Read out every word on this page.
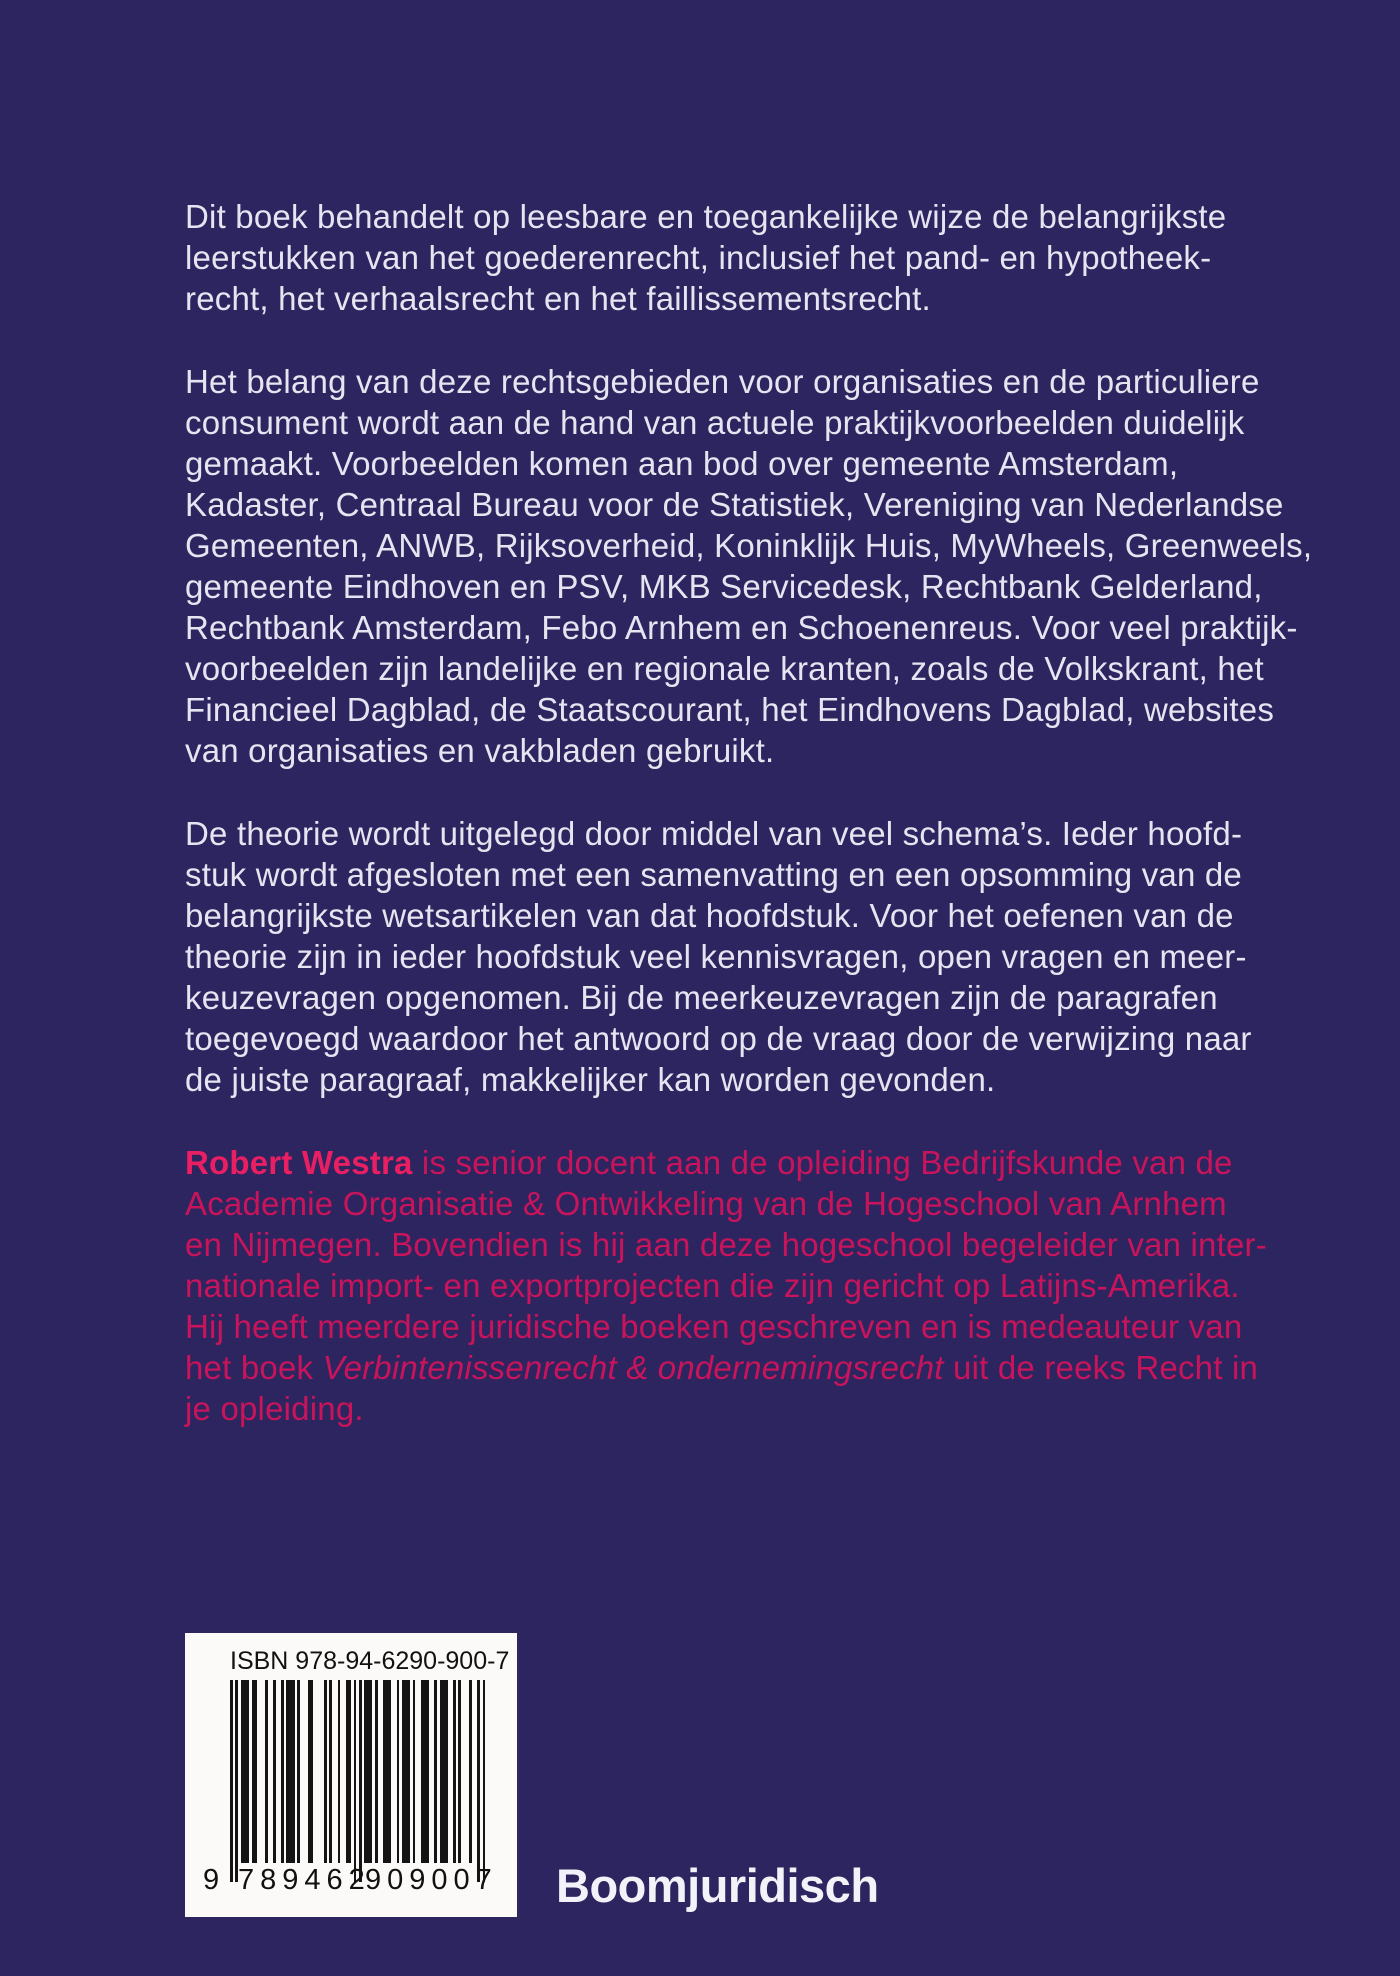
Dit boek behandelt op leesbare en toegankelijke wijze de belangrijkste
leerstukken van het goederenrecht, inclusief het pand- en hypotheek-
recht, het verhaalsrecht en het faillissementsrecht.
Het belang van deze rechtsgebieden voor organisaties en de particuliere
consument wordt aan de hand van actuele praktijkvoorbeelden duidelijk
gemaakt. Voorbeelden komen aan bod over gemeente Amsterdam,
Kadaster, Centraal Bureau voor de Statistiek, Vereniging van Nederlandse
Gemeenten, ANWB, Rijksoverheid, Koninklijk Huis, MyWheels, Greenweels,
gemeente Eindhoven en PSV, MKB Servicedesk, Rechtbank Gelderland,
Rechtbank Amsterdam, Febo Arnhem en Schoenenreus. Voor veel praktijk-
voorbeelden zijn landelijke en regionale kranten, zoals de Volkskrant, het
Financieel Dagblad, de Staatscourant, het Eindhovens Dagblad, websites
van organisaties en vakbladen gebruikt.
De theorie wordt uitgelegd door middel van veel schema’s. Ieder hoofd-
stuk wordt afgesloten met een samenvatting en een opsomming van de
belangrijkste wetsartikelen van dat hoofdstuk. Voor het oefenen van de
theorie zijn in ieder hoofdstuk veel kennisvragen, open vragen en meer-
keuzevragen opgenomen. Bij de meerkeuzevragen zijn de paragrafen
toegevoegd waardoor het antwoord op de vraag door de verwijzing naar
de juiste paragraaf, makkelijker kan worden gevonden.
Robert Westra is senior docent aan de opleiding Bedrijfskunde van de
Academie Organisatie & Ontwikkeling van de Hogeschool van Arnhem
en Nijmegen. Bovendien is hij aan deze hogeschool begeleider van inter-
nationale import- en exportprojecten die zijn gericht op Latijns-Amerika.
Hij heeft meerdere juridische boeken geschreven en is medeauteur van
het boek Verbintenissenrecht & ondernemingsrecht uit de reeks Recht in
je opleiding.
ISBN 978-94-6290-900-7
9 789462
909007 Boomjuridisch
